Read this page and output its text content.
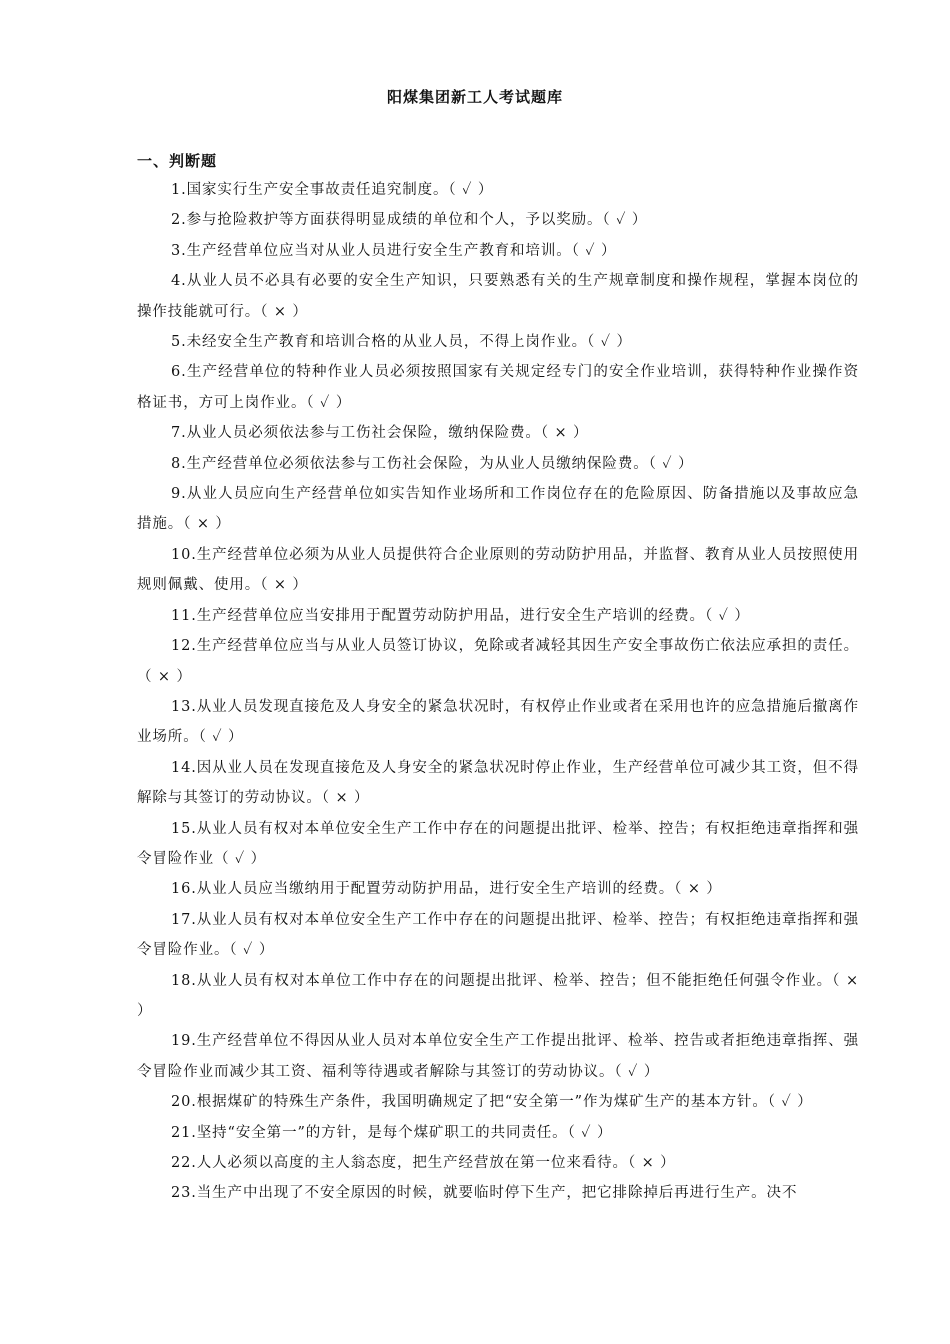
阳煤集团新工人考试题库
一、判断题
1.国家实行生产安全事故责任追究制度。（ ✓ ）
2.参与抢险救护等方面获得明显成绩的单位和个人，予以奖励。（ ✓ ）
3.生产经营单位应当对从业人员进行安全生产教育和培训。（ ✓ ）
4.从业人员不必具有必要的安全生产知识，只要熟悉有关的生产规章制度和操作规程，掌握本岗位的操作技能就可行。（ × ）
5.未经安全生产教育和培训合格的从业人员，不得上岗作业。（ ✓ ）
6.生产经营单位的特种作业人员必须按照国家有关规定经专门的安全作业培训，获得特种作业操作资格证书，方可上岗作业。（ ✓ ）
7.从业人员必须依法参与工伤社会保险，缴纳保险费。（ × ）
8.生产经营单位必须依法参与工伤社会保险，为从业人员缴纳保险费。（ ✓ ）
9.从业人员应向生产经营单位如实告知作业场所和工作岗位存在的危险原因、防备措施以及事故应急措施。（ × ）
10.生产经营单位必须为从业人员提供符合企业原则的劳动防护用品，并监督、教育从业人员按照使用规则佩戴、使用。（ × ）
11.生产经营单位应当安排用于配置劳动防护用品，进行安全生产培训的经费。（ ✓ ）
12.生产经营单位应当与从业人员签订协议，免除或者减轻其因生产安全事故伤亡依法应承担的责任。（ × ）
13.从业人员发现直接危及人身安全的紧急状况时，有权停止作业或者在采用也许的应急措施后撤离作业场所。（ ✓ ）
14.因从业人员在发现直接危及人身安全的紧急状况时停止作业，生产经营单位可减少其工资，但不得解除与其签订的劳动协议。（ × ）
15.从业人员有权对本单位安全生产工作中存在的问题提出批评、检举、控告；有权拒绝违章指挥和强令冒险作业（ ✓ ）
16.从业人员应当缴纳用于配置劳动防护用品，进行安全生产培训的经费。（ × ）
17.从业人员有权对本单位安全生产工作中存在的问题提出批评、检举、控告；有权拒绝违章指挥和强令冒险作业。（ ✓ ）
18.从业人员有权对本单位工作中存在的问题提出批评、检举、控告；但不能拒绝任何强令作业。（ × ）
19.生产经营单位不得因从业人员对本单位安全生产工作提出批评、检举、控告或者拒绝违章指挥、强令冒险作业而减少其工资、福利等待遇或者解除与其签订的劳动协议。（ ✓ ）
20.根据煤矿的特殊生产条件，我国明确规定了把“安全第一”作为煤矿生产的基本方针。（ ✓ ）
21.坚持“安全第一”的方针，是每个煤矿职工的共同责任。（ ✓ ）
22.人人必须以高度的主人翁态度，把生产经营放在第一位来看待。（ × ）
23.当生产中出现了不安全原因的时候，就要临时停下生产，把它排除掉后再进行生产。决不
